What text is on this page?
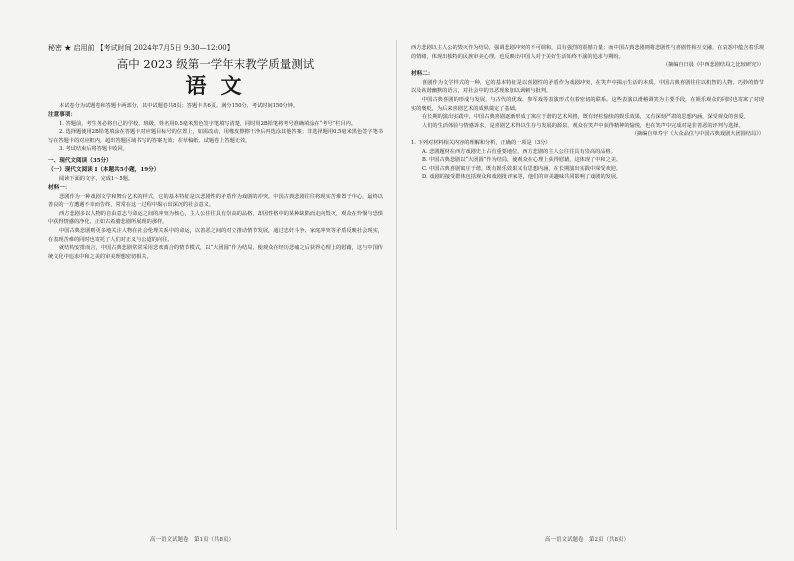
秘密 ★ 启用前 【考试时间 2024年7月5日 9:30—12:00】

高中 2023 级第一学年末教学质量测试

语文

本试卷分为试题卷和答题卡两部分，其中试题卷共8页；答题卡共6页。满分150分，考试时间150分钟。

注意事项：

1. 答题前，考生务必将自己的学校、班级、姓名用0.5毫米黑色签字笔填写清楚，同时用2B铅笔将考号准确填涂在“考号”栏目内。

2. 选择题使用2B铅笔填涂在答题卡对应题目标号的位置上，如需改动，用橡皮擦擦干净后再选涂其他答案；非选择题用0.5毫米黑色签字笔书写在答题卡的对应框内，超出答题区域书写的答案无效；在草稿纸、试题卷上答题无效。

3. 考试结束后将答题卡收回。

一、现代文阅读（35分）

（一）现代文阅读 I（本题共5小题，19分）

阅读下面的文字，完成1～5题。

材料一：

悲剧作为一种戏剧文学和舞台艺术的样式，它的基本特征是以悲剧性的矛盾作为戏剧的冲突。中国古典悲剧往往将现实苦难置于中心，最终以善良的一方遭遇不幸而告终，常常在这一过程中揭示出深沉的社会意义。

西方悲剧多以人物的自由意志与命运之间的冲突为核心，主人公往往具有崇高的品格，却因性格中的某种缺陷而走向毁灭，观众在怜悯与恐惧中获得情感的净化，正如古希腊悲剧所展现的那样。

中国古典悲剧则更多地关注人物在社会伦理关系中的命运，以善恶之间的对立推动情节发展，通过忠奸斗争、家庭冲突等矛盾反映社会现实，在表现苦难的同时也寄托了人们对正义与公道的向往。

就结构安排而言，中国古典悲剧常常采用悲欢离合的情节模式，以“大团圆”作为结局，使观众在经历悲痛之后获得心理上的慰藉，这与中国传统文化中追求中和之美的审美理想密切相关。

高一语文试题卷　第1页（共8页）

西方悲剧以主人公的毁灭作为结局，强调悲剧冲突的不可调和，具有强烈的震撼力量；而中国古典悲剧则将悲剧性与喜剧性相互交融，在哀怨中蕴含着乐观的情绪，体现出独特的民族审美心理，也反映出中国人对于美好生活始终不渝的追求与期盼。

（摘编自曰晨《中西悲剧结局之比较研究》）

材料二：

喜剧作为文学样式的一种，它的基本特征是以喜剧性的矛盾作为戏剧冲突，在笑声中揭示生活的本质。中国古典喜剧往往以机智的人物、巧妙的情节以及诙谐幽默的语言，对社会中的丑恶现象加以讽刺与批判。

中国古典喜剧的形成与发展，与古代的优戏、参军戏等表演形式有着密切的联系。这些表演以滑稽调笑为主要手段，在娱乐观众的同时也寄寓了对现实的褒贬，为后来喜剧艺术的成熟奠定了基础。

在长期的演出实践中，中国古典喜剧逐渐形成了寓庄于谐的艺术风格，既有轻松愉快的娱乐效果，又有深刻严肃的思想内涵，深受观众的喜爱。

人们的生活体验与情感诉求，是喜剧艺术得以生存与发展的源泉，观众在笑声中获得精神的愉悦，也在笑声中完成对是非善恶的评判与选择。

（摘编自单寿宇《大众品位与中国古典戏剧大团圆结局》）

1. 下列对材料相关内容的理解和分析，正确的一项是（3分）

A. 悲剧题材在西方戏剧史上占有重要地位，西方悲剧的主人公往往具有崇高的品格。

B. 中国古典悲剧以“大团圆”作为结局，使观众在心理上获得慰藉，这体现了中和之美。

C. 中国古典喜剧寓庄于谐，既有娱乐效果又有思想内涵，在长期演出实践中深受欢迎。

D. 戏剧的接受群体包括观众和戏剧批评家等，他们的审美趣味共同影响了戏剧的发展。

高一语文试题卷　第2页（共8页）
